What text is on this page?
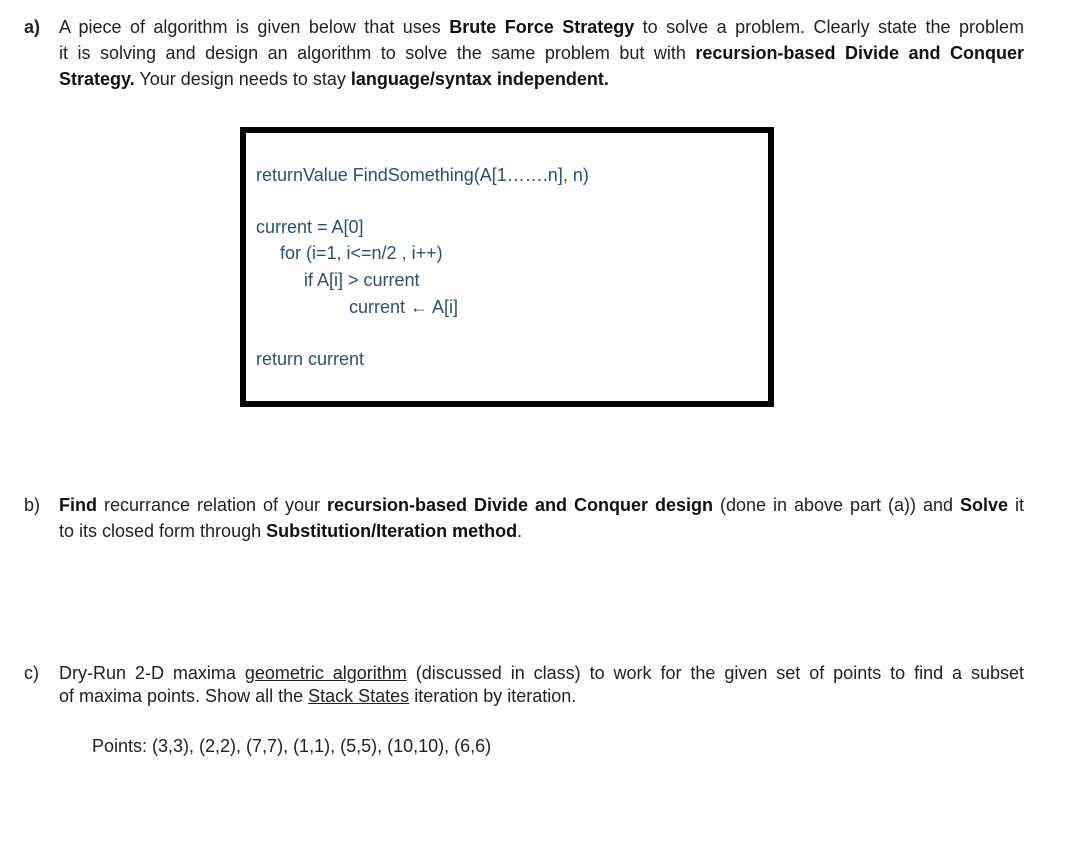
a) A piece of algorithm is given below that uses Brute Force Strategy to solve a problem. Clearly state the problem
it is solving and design an algorithm to solve the same problem but with recursion-based Divide and Conquer
Strategy. Your design needs to stay language/syntax independent.
returnValue FindSomething(A[1…….n], n)
current = A[0]
for (i=1, i<=n/2 , i++)
if A[i] > current
current ← A[i]
return current
b) Find recurrance relation of your recursion-based Divide and Conquer design (done in above part (a)) and Solve it
to its closed form through Substitution/Iteration method.
c) Dry-Run 2-D maxima geometric algorithm (discussed in class) to work for the given set of points to find a subset
of maxima points. Show all the Stack States iteration by iteration.
Points: (3,3), (2,2), (7,7), (1,1), (5,5), (10,10), (6,6)
